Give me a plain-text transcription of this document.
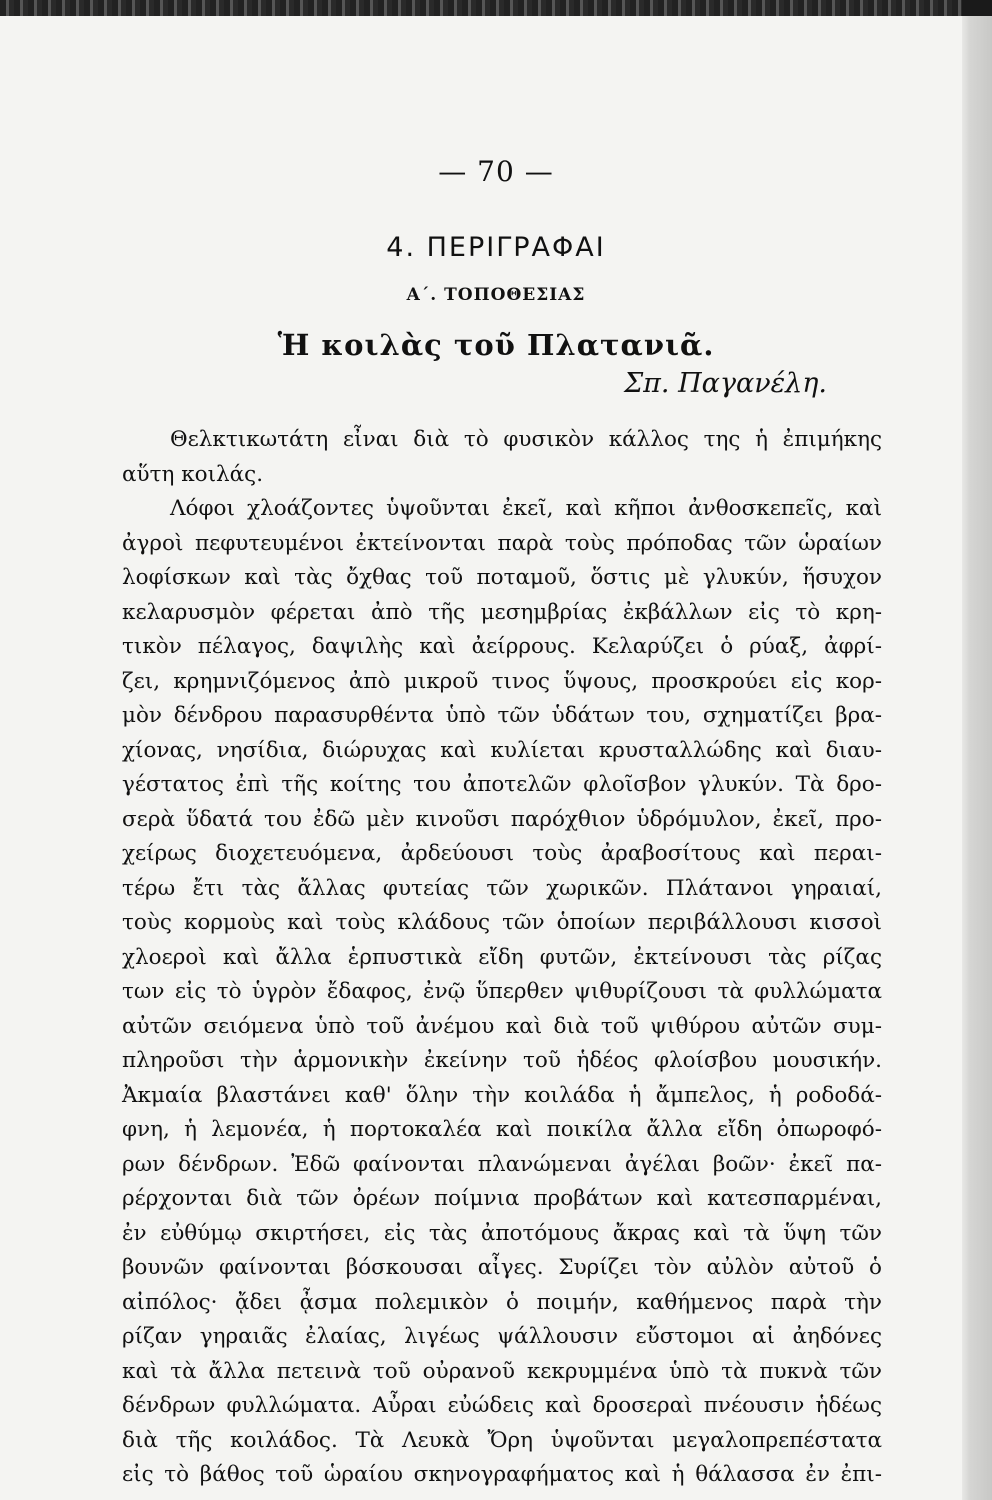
— 70 —
4. ΠΕΡΙΓΡΑΦΑΙ
Α΄. ΤΟΠΟΘΕΣΙΑΣ
Ἡ κοιλὰς τοῦ Πλατανιᾶ.
Σπ. Παγανέλη.
Θελκτικωτάτη εἶναι διὰ τὸ φυσικὸν κάλλος της ἡ ἐπιμήκης
αὕτη κοιλάς.
Λόφοι χλοάζοντες ὑψοῦνται ἐκεῖ, καὶ κῆποι ἀνθοσκεπεῖς, καὶ
ἀγροὶ πεφυτευμένοι ἐκτείνονται παρὰ τοὺς πρόποδας τῶν ὡραίων
λοφίσκων καὶ τὰς ὄχθας τοῦ ποταμοῦ, ὅστις μὲ γλυκύν, ἥσυχον
κελαρυσμὸν φέρεται ἀπὸ τῆς μεσημβρίας ἐκβάλλων εἰς τὸ κρη-
τικὸν πέλαγος, δαψιλὴς καὶ ἀείρρους. Κελαρύζει ὁ ρύαξ, ἀφρί-
ζει, κρημνιζόμενος ἀπὸ μικροῦ τινος ὕψους, προσκρούει εἰς κορ-
μὸν δένδρου παρασυρθέντα ὑπὸ τῶν ὑδάτων του, σχηματίζει βρα-
χίονας, νησίδια, διώρυχας καὶ κυλίεται κρυσταλλώδης καὶ διαυ-
γέστατος ἐπὶ τῆς κοίτης του ἀποτελῶν φλοῖσβον γλυκύν. Τὰ δρο-
σερὰ ὕδατά του ἐδῶ μὲν κινοῦσι παρόχθιον ὑδρόμυλον, ἐκεῖ, προ-
χείρως διοχετευόμενα, ἀρδεύουσι τοὺς ἀραβοσίτους καὶ περαι-
τέρω ἔτι τὰς ἄλλας φυτείας τῶν χωρικῶν. Πλάτανοι γηραιαί,
τοὺς κορμοὺς καὶ τοὺς κλάδους τῶν ὁποίων περιβάλλουσι κισσοὶ
χλοεροὶ καὶ ἄλλα ἑρπυστικὰ εἴδη φυτῶν, ἐκτείνουσι τὰς ρίζας
των εἰς τὸ ὑγρὸν ἔδαφος, ἐνῷ ὕπερθεν ψιθυρίζουσι τὰ φυλλώματα
αὐτῶν σειόμενα ὑπὸ τοῦ ἀνέμου καὶ διὰ τοῦ ψιθύρου αὐτῶν συμ-
πληροῦσι τὴν ἁρμονικὴν ἐκείνην τοῦ ἡδέος φλοίσβου μουσικήν.
Ἀκμαία βλαστάνει καθ' ὅλην τὴν κοιλάδα ἡ ἄμπελος, ἡ ροδοδά-
φνη, ἡ λεμονέα, ἡ πορτοκαλέα καὶ ποικίλα ἄλλα εἴδη ὀπωροφό-
ρων δένδρων. Ἐδῶ φαίνονται πλανώμεναι ἀγέλαι βοῶν· ἐκεῖ πα-
ρέρχονται διὰ τῶν ὀρέων ποίμνια προβάτων καὶ κατεσπαρμέναι,
ἐν εὐθύμῳ σκιρτήσει, εἰς τὰς ἀποτόμους ἄκρας καὶ τὰ ὕψη τῶν
βουνῶν φαίνονται βόσκουσαι αἶγες. Συρίζει τὸν αὐλὸν αὐτοῦ ὁ
αἰπόλος· ᾄδει ᾆσμα πολεμικὸν ὁ ποιμήν, καθήμενος παρὰ τὴν
ρίζαν γηραιᾶς ἐλαίας, λιγέως ψάλλουσιν εὔστομοι αἱ ἀηδόνες
καὶ τὰ ἄλλα πετεινὰ τοῦ οὐρανοῦ κεκρυμμένα ὑπὸ τὰ πυκνὰ τῶν
δένδρων φυλλώματα. Αὖραι εὐώδεις καὶ δροσεραὶ πνέουσιν ἡδέως
διὰ τῆς κοιλάδος. Τὰ Λευκὰ Ὄρη ὑψοῦνται μεγαλοπρεπέστατα
εἰς τὸ βάθος τοῦ ὡραίου σκηνογραφήματος καὶ ἡ θάλασσα ἐν ἐπι-
